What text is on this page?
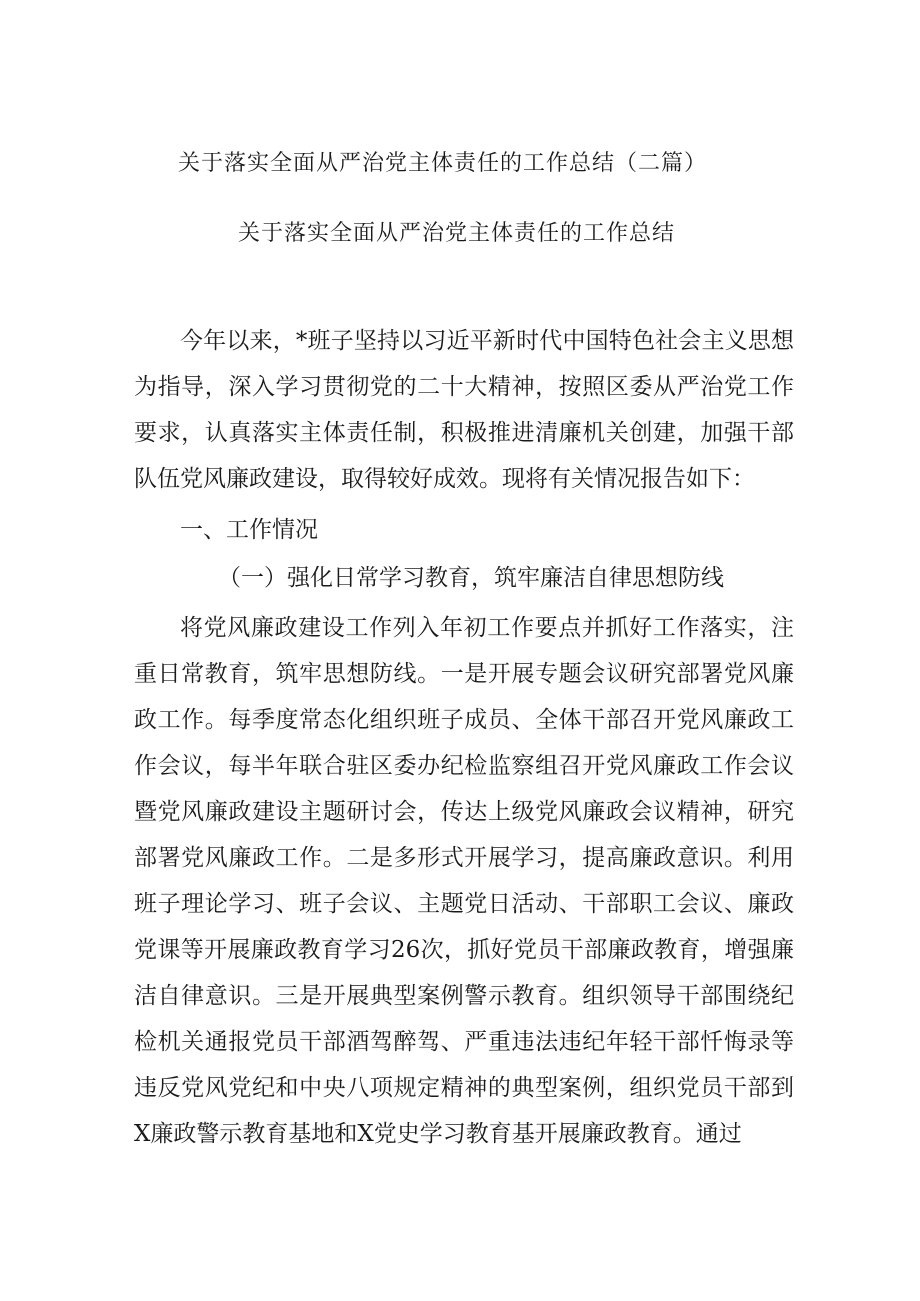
关于落实全面从严治党主体责任的工作总结（二篇）
关于落实全面从严治党主体责任的工作总结
今年以来，*班子坚持以习近平新时代中国特色社会主义思想为指导，深入学习贯彻党的二十大精神，按照区委从严治党工作要求，认真落实主体责任制，积极推进清廉机关创建，加强干部队伍党风廉政建设，取得较好成效。现将有关情况报告如下：
一、工作情况
（一）强化日常学习教育，筑牢廉洁自律思想防线
将党风廉政建设工作列入年初工作要点并抓好工作落实，注重日常教育，筑牢思想防线。一是开展专题会议研究部署党风廉政工作。每季度常态化组织班子成员、全体干部召开党风廉政工作会议，每半年联合驻区委办纪检监察组召开党风廉政工作会议暨党风廉政建设主题研讨会，传达上级党风廉政会议精神，研究部署党风廉政工作。二是多形式开展学习，提高廉政意识。利用班子理论学习、班子会议、主题党日活动、干部职工会议、廉政党课等开展廉政教育学习26次，抓好党员干部廉政教育，增强廉洁自律意识。三是开展典型案例警示教育。组织领导干部围绕纪检机关通报党员干部酒驾醉驾、严重违法违纪年轻干部忏悔录等违反党风党纪和中央八项规定精神的典型案例，组织党员干部到X廉政警示教育基地和X党史学习教育基开展廉政教育。通过
